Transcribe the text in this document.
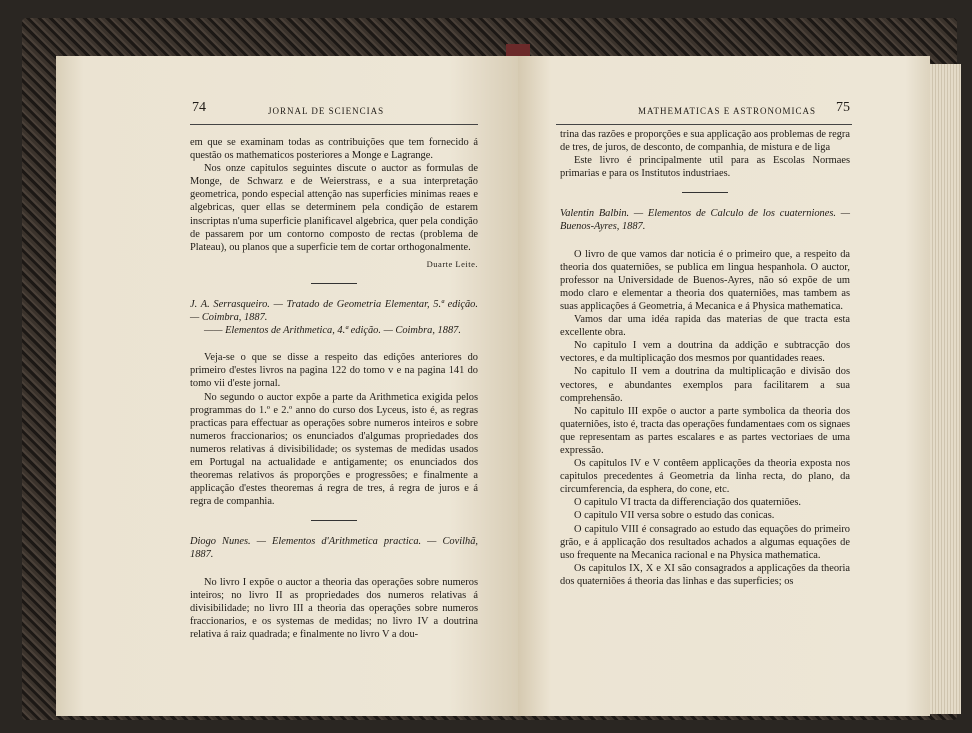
74	JORNAL DE SCIENCIAS

em que se examinam todas as contribuições que tem fornecido á questão os mathematicos posteriores a Monge e Lagrange.

Nos onze capitulos seguintes discute o auctor as formulas de Monge, de Schwarz e de Weierstrass, e a sua interpretação geometrica, pondo especial attenção nas superficies minimas reaes e algebricas, quer ellas se determinem pela condição de estarem inscriptas n'uma superficie planificavel algebrica, quer pela condição de passarem por um contorno composto de rectas (problema de Plateau), ou planos que a superficie tem de cortar orthogonalmente.

Duarte Leite.

J. A. Serrasqueiro. — Tratado de Geometria Elementar, 5.ª edição. — Coimbra, 1887.

—— Elementos de Arithmetica, 4.ª edição. — Coimbra, 1887.

Veja-se o que se disse a respeito das edições anteriores do primeiro d'estes livros na pagina 122 do tomo v e na pagina 141 do tomo vii d'este jornal.

No segundo o auctor expõe a parte da Arithmetica exigida pelos programmas do 1.º e 2.º anno do curso dos Lyceus, isto é, as regras practicas para effectuar as operações sobre numeros inteiros e sobre numeros fraccionarios; os enunciados d'algumas propriedades dos numeros relativas á divisibilidade; os systemas de medidas usados em Portugal na actualidade e antigamente; os enunciados dos theoremas relativos ás proporções e progressões; e finalmente a applicação d'estes theoremas á regra de tres, á regra de juros e á regra de companhia.

Diogo Nunes. — Elementos d'Arithmetica practica. — Covilhã, 1887.

No livro I expõe o auctor a theoria das operações sobre numeros inteiros; no livro II as propriedades dos numeros relativas á divisibilidade; no livro III a theoria das operações sobre numeros fraccionarios, e os systemas de medidas; no livro IV a doutrina relativa á raiz quadrada; e finalmente no livro V a dou-

MATHEMATICAS E ASTRONOMICAS 75

trina das razões e proporções e sua applicação aos problemas de regra de tres, de juros, de desconto, de companhia, de mistura e de liga

Este livro é principalmente util para as Escolas Normaes primarias e para os Institutos industriaes.

Valentin Balbin. — Elementos de Calculo de los cuaterniones. — Buenos-Ayres, 1887.

O livro de que vamos dar noticia é o primeiro que, a respeito da theoria dos quaterniões, se publica em lingua hespanhola. O auctor, professor na Universidade de Buenos-Ayres, não só expõe de um modo claro e elementar a theoria dos quaterniões, mas tambem as suas applicações á Geometria, á Mecanica e á Physica mathematica.

Vamos dar uma idéa rapida das materias de que tracta esta excellente obra.

No capitulo I vem a doutrina da addição e subtracção dos vectores, e da multiplicação dos mesmos por quantidades reaes.

No capitulo II vem a doutrina da multiplicação e divisão dos vectores, e abundantes exemplos para facilitarem a sua comprehensão.

No capitulo III expõe o auctor a parte symbolica da theoria dos quaterniões, isto é, tracta das operações fundamentaes com os signaes que representam as partes escalares e as partes vectoriaes de uma expressão.

Os capitulos IV e V contêem applicações da theoria exposta nos capitulos precedentes á Geometria da linha recta, do plano, da circumferencia, da esphera, do cone, etc.

O capitulo VI tracta da differenciação dos quaterniões.

O capitulo VII versa sobre o estudo das conicas.

O capitulo VIII é consagrado ao estudo das equações do primeiro grão, e á applicação dos resultados achados a algumas equações de uso frequente na Mecanica racional e na Physica mathematica.

Os capitulos IX, X e XI são consagrados a applicações da theoria dos quaterniões á theoria das linhas e das superficies; os
